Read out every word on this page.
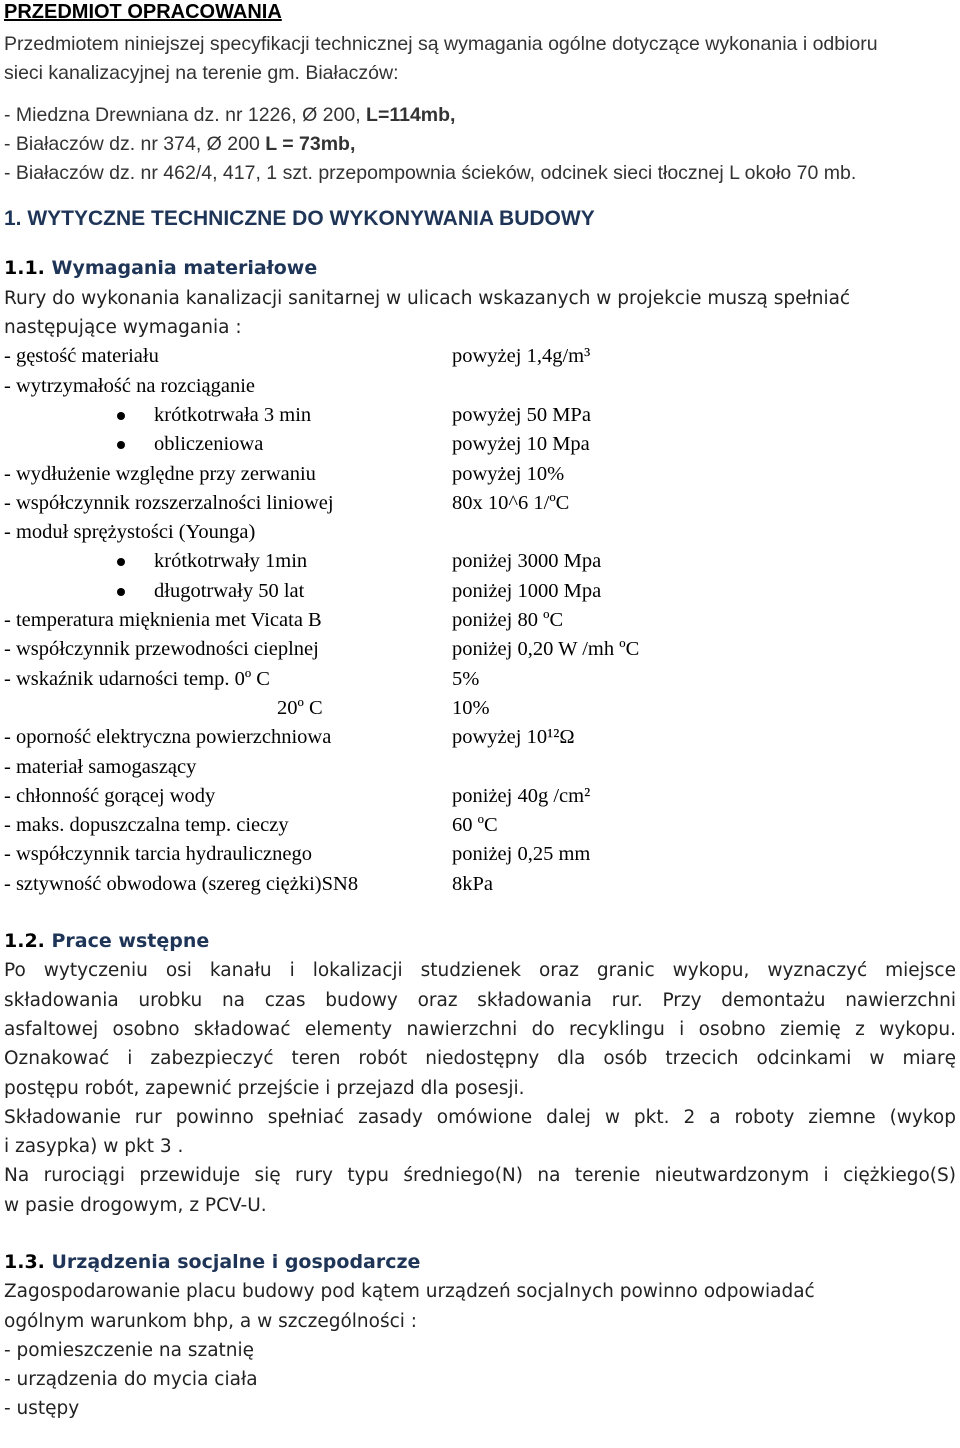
PRZEDMIOT OPRACOWANIA
Przedmiotem niniejszej specyfikacji technicznej są wymagania ogólne dotyczące wykonania i odbioru
sieci kanalizacyjnej na terenie gm. Białaczów:
- Miedzna Drewniana dz. nr 1226, Ø 200, L=114mb,
- Białaczów dz. nr 374, Ø 200 L = 73mb,
- Białaczów dz. nr 462/4, 417, 1 szt. przepompownia ścieków, odcinek sieci tłocznej L około 70 mb.
1. WYTYCZNE TECHNICZNE DO WYKONYWANIA BUDOWY
1.1. Wymagania materiałowe
Rury do wykonania kanalizacji sanitarnej w ulicach wskazanych w projekcie muszą spełniać
następujące wymagania :
- gęstość materiału	powyżej 1,4g/m³
- wytrzymałość na rozciąganie
krótkotrwała 3 min	powyżej 50 MPa
obliczeniowa	powyżej 10 Mpa
- wydłużenie względne przy zerwaniu	powyżej 10%
- współczynnik rozszerzalności liniowej	80x 10^6 1/ºC
- moduł sprężystości (Younga)
krótkotrwały 1min	poniżej 3000 Mpa
długotrwały 50 lat	poniżej 1000 Mpa
- temperatura mięknienia met Vicata B	poniżej 80 ºC
- współczynnik przewodności cieplnej	poniżej 0,20 W /mh ºC
- wskaźnik udarności temp. 0º C	5%
20º C	10%
- oporność elektryczna powierzchniowa	powyżej 10¹²Ω
- materiał samogaszący
- chłonność gorącej wody	poniżej 40g /cm²
- maks. dopuszczalna temp. cieczy	60 ºC
- współczynnik tarcia hydraulicznego	poniżej 0,25 mm
- sztywność obwodowa (szereg ciężki)SN8	8kPa
1.2. Prace wstępne
Po wytyczeniu osi kanału i lokalizacji studzienek oraz granic wykopu, wyznaczyć miejsce
składowania urobku na czas budowy oraz składowania rur. Przy demontażu nawierzchni
asfaltowej osobno składować elementy nawierzchni do recyklingu i osobno ziemię z wykopu.
Oznakować i zabezpieczyć teren robót niedostępny dla osób trzecich odcinkami w miarę
postępu robót, zapewnić przejście i przejazd dla posesji.
Składowanie rur powinno spełniać zasady omówione dalej w pkt. 2 a roboty ziemne (wykop
i zasypka) w pkt 3 .
Na rurociągi przewiduje się rury typu średniego(N) na terenie nieutwardzonym i ciężkiego(S)
w pasie drogowym, z PCV-U.
1.3. Urządzenia socjalne i gospodarcze
Zagospodarowanie placu budowy pod kątem urządzeń socjalnych powinno odpowiadać
ogólnym warunkom bhp, a w szczególności :
- pomieszczenie na szatnię
- urządzenia do mycia ciała
- ustępy
